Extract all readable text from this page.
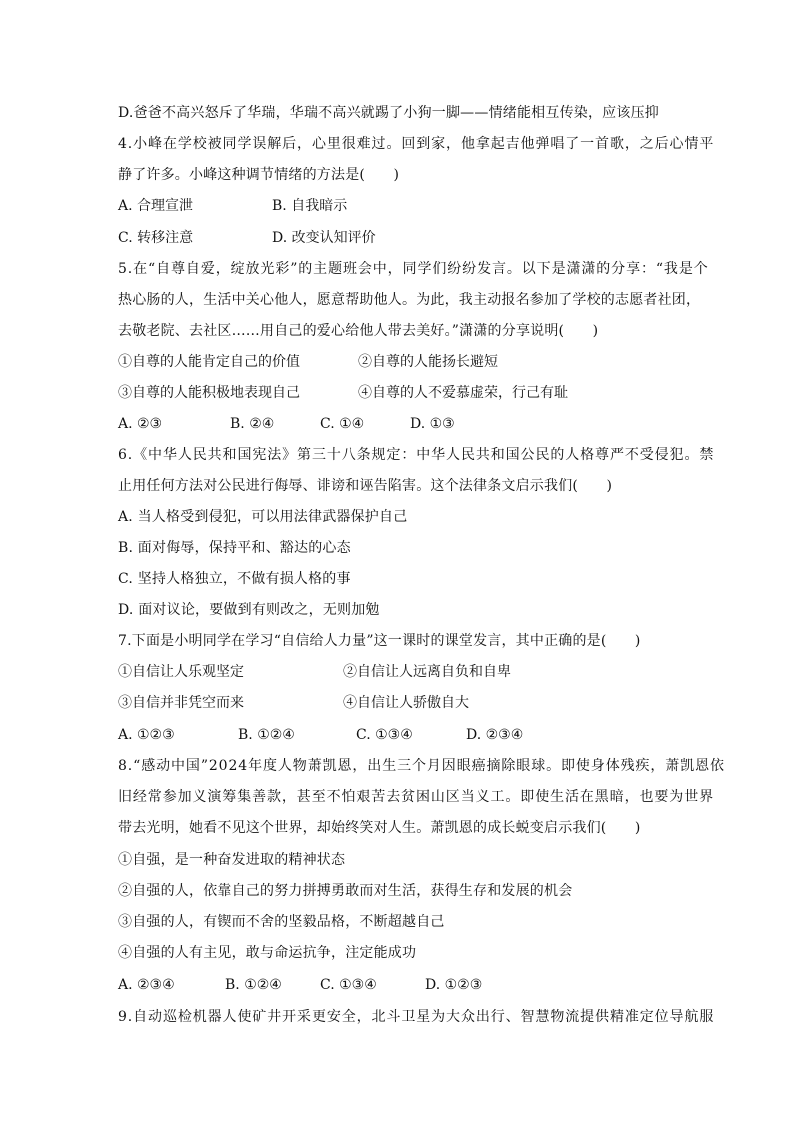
D.爸爸不高兴怒斥了华瑞，华瑞不高兴就踢了小狗一脚——情绪能相互传染，应该压抑
4.小峰在学校被同学误解后，心里很难过。回到家，他拿起吉他弹唱了一首歌，之后心情平
静了许多。小峰这种调节情绪的方法是(　　)
A. 合理宣泄	B. 自我暗示
C. 转移注意	D. 改变认知评价
5.在“自尊自爱，绽放光彩”的主题班会中，同学们纷纷发言。以下是潇潇的分享：“我是个
热心肠的人，生活中关心他人，愿意帮助他人。为此，我主动报名参加了学校的志愿者社团，
去敬老院、去社区……用自己的爱心给他人带去美好。”潇潇的分享说明(　　)
①自尊的人能肯定自己的价值	②自尊的人能扬长避短
③自尊的人能积极地表现自己	④自尊的人不爱慕虚荣，行己有耻
A. ②③	B. ②④	C. ①④	D. ①③
6.《中华人民共和国宪法》第三十八条规定：中华人民共和国公民的人格尊严不受侵犯。禁
止用任何方法对公民进行侮辱、诽谤和诬告陷害。这个法律条文启示我们(　　)
A. 当人格受到侵犯，可以用法律武器保护自己
B. 面对侮辱，保持平和、豁达的心态
C. 坚持人格独立，不做有损人格的事
D. 面对议论，要做到有则改之，无则加勉
7.下面是小明同学在学习“自信给人力量”这一课时的课堂发言，其中正确的是(　　)
①自信让人乐观坚定	②自信让人远离自负和自卑
③自信并非凭空而来	④自信让人骄傲自大
A. ①②③	B. ①②④	C. ①③④	D. ②③④
8.“感动中国”2024年度人物萧凯恩，出生三个月因眼癌摘除眼球。即使身体残疾，萧凯恩依
旧经常参加义演筹集善款，甚至不怕艰苦去贫困山区当义工。即使生活在黑暗，也要为世界
带去光明，她看不见这个世界，却始终笑对人生。萧凯恩的成长蜕变启示我们(　　)
①自强，是一种奋发进取的精神状态
②自强的人，依靠自己的努力拼搏勇敢而对生活，获得生存和发展的机会
③自强的人，有锲而不舍的坚毅品格，不断超越自己
④自强的人有主见，敢与命运抗争，注定能成功
A. ②③④	B. ①②④	C. ①③④	D. ①②③
9.自动巡检机器人使矿井开采更安全，北斗卫星为大众出行、智慧物流提供精准定位导航服
